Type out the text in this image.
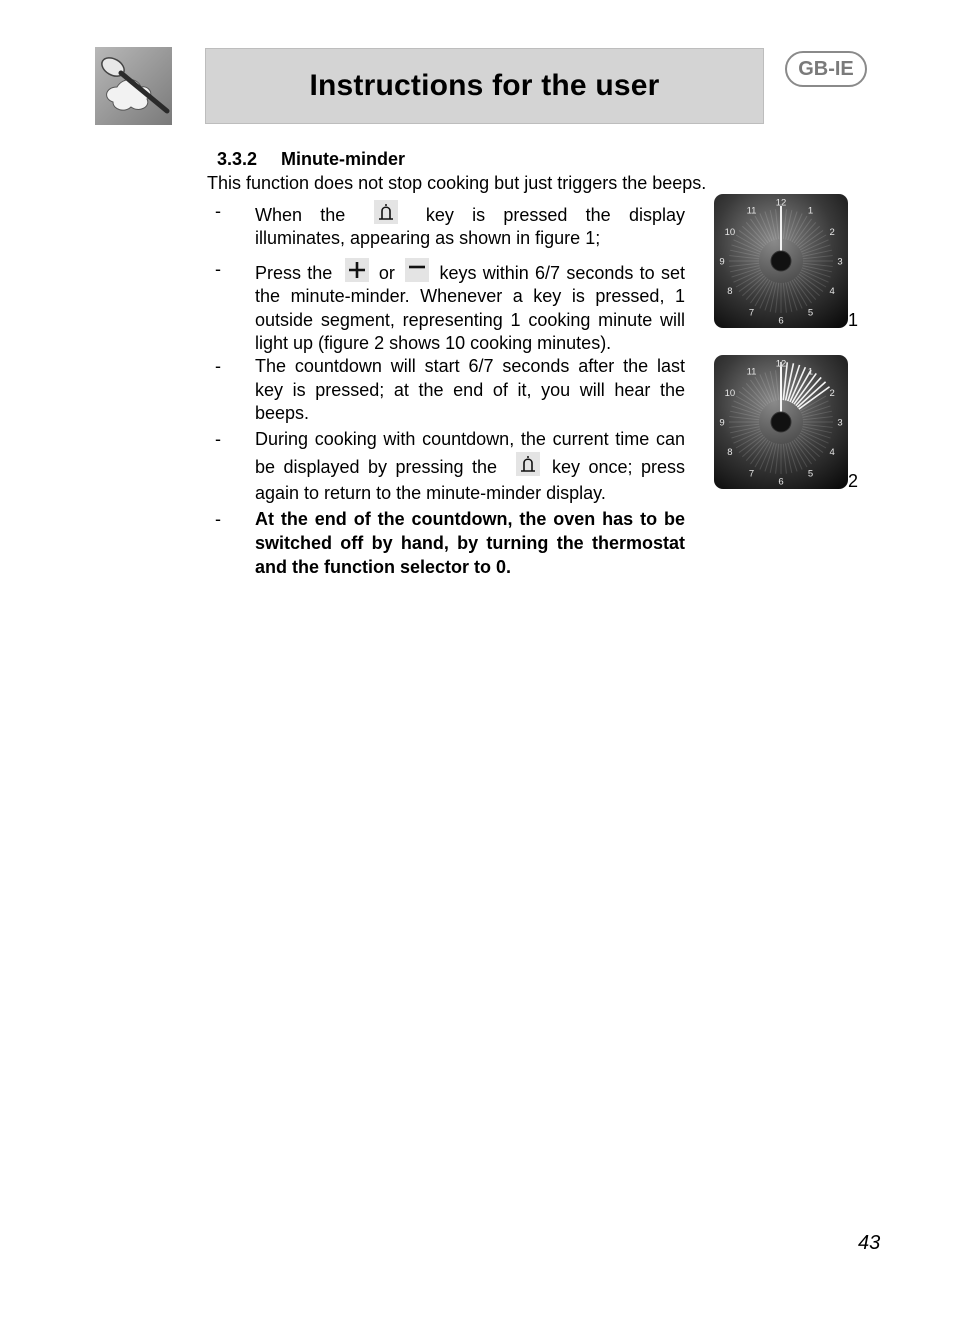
Instructions for the user
GB-IE
3.3.2 Minute-minder
This function does not stop cooking but just triggers the beeps.
- When the	key is pressed the display illuminates, appearing as shown in figure 1;
- Press the	or keys within 6/7 seconds to set the minute-minder. Whenever a key is pressed, 1 outside segment, representing 1 cooking minute will light up (figure 2 shows 10 cooking minutes).
- The countdown will start 6/7 seconds after the last key is pressed; at the end of it, you will hear the beeps.
- During cooking with countdown, the current time can be displayed by pressing the	key once; press again to return to the minute-minder display.
- At the end of the countdown, the oven has to be switched off by hand, by turning the thermostat and the function selector to 0.
12
1
2
3
4
5
6
7
8
9
10
11
1
12
1
2
3
4
5
6
7
8
9
10
11
2
43
